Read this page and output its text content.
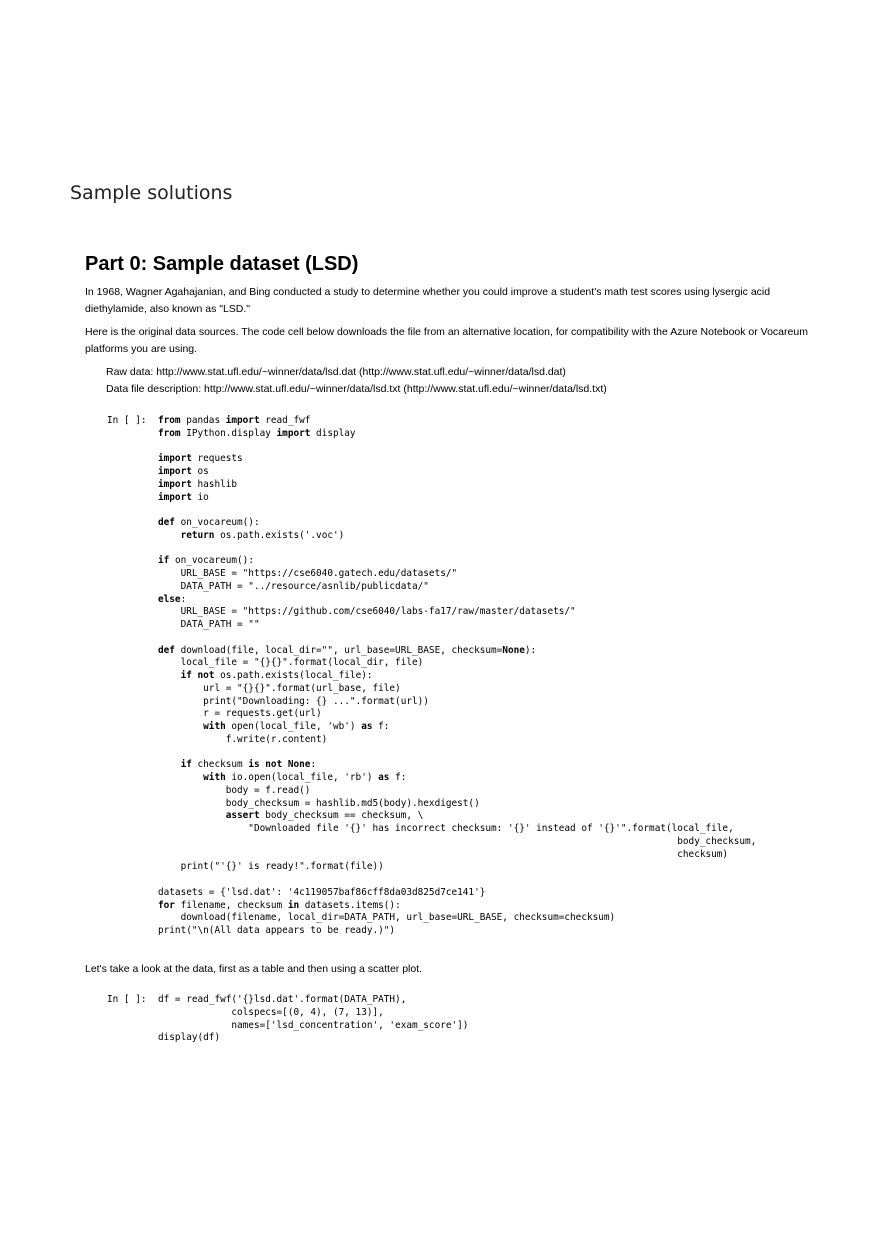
Sample solutions
Part 0: Sample dataset (LSD)

In 1968, Wagner Agahajanian, and Bing conducted a study to determine whether you could improve a student's math test scores using lysergic acid diethylamide, also known as "LSD."

Here is the original data sources. The code cell below downloads the file from an alternative location, for compatibility with the Azure Notebook or Vocareum platforms you are using.

Raw data: http://www.stat.ufl.edu/~winner/data/lsd.dat (http://www.stat.ufl.edu/~winner/data/lsd.dat)
Data file description: http://www.stat.ufl.edu/~winner/data/lsd.txt (http://www.stat.ufl.edu/~winner/data/lsd.txt)
In [ ]: from pandas import read_fwf
from IPython.display import display

import requests
import os
import hashlib
import io

def on_vocareum():
return os.path.exists('.voc')

if on_vocareum():
URL_BASE = "https://cse6040.gatech.edu/datasets/"
DATA_PATH = "../resource/asnlib/publicdata/"
else:
URL_BASE = "https://github.com/cse6040/labs-fa17/raw/master/datasets/"
DATA_PATH = ""

def download(file, local_dir="", url_base=URL_BASE, checksum=None):
local_file = "{}{}".format(local_dir, file)
if not os.path.exists(local_file):
url = "{}{}".format(url_base, file)
print("Downloading: {} ...".format(url))
r = requests.get(url)
with open(local_file, 'wb') as f:
f.write(r.content)

if checksum is not None:
with io.open(local_file, 'rb') as f:
body = f.read()
body_checksum = hashlib.md5(body).hexdigest()
assert body_checksum == checksum, \
"Downloaded file '{}' has incorrect checksum: '{}' instead of '{}'".format(local_file,
body_checksum,
checksum)
print("'{}' is ready!".format(file))

datasets = {'lsd.dat': '4c119057baf86cff8da03d825d7ce141'}
for filename, checksum in datasets.items():
download(filename, local_dir=DATA_PATH, url_base=URL_BASE, checksum=checksum)
print("\n(All data appears to be ready.)")

Let's take a look at the data, first as a table and then using a scatter plot.

In [ ]: df = read_fwf('{}lsd.dat'.format(DATA_PATH),
colspecs=[(0, 4), (7, 13)],
names=['lsd_concentration', 'exam_score'])
display(df)
